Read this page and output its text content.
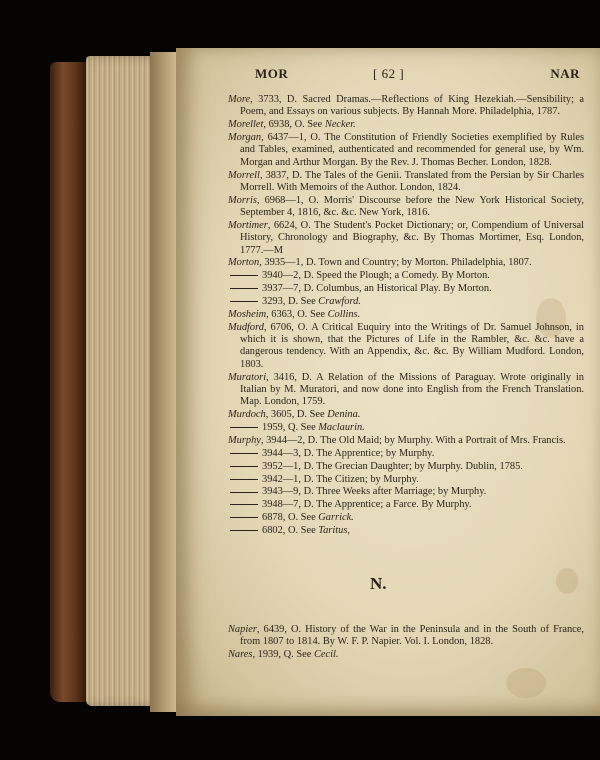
MOR	[ 62 ]	NAR

More, 3733, D. Sacred Dramas.—Reflections of King Hezekiah.—Sensibility; a Poem, and Essays on various subjects. By Hannah More. Philadelphia, 1787.

Morellet, 6938, O. See Necker.

Morgan, 6437—1, O. The Constitution of Friendly Societies exemplified by Rules and Tables, examined, authenticated and recommended for general use, by Wm. Morgan and Arthur Morgan. By the Rev. J. Thomas Becher. London, 1828.

Morrell, 3837, D. The Tales of the Genii. Translated from the Persian by Sir Charles Morrell. With Memoirs of the Author. London, 1824.

Morris, 6968—1, O. Morris' Discourse before the New York Historical Society, September 4, 1816, &c. &c. New York, 1816.

Mortimer, 6624, O. The Student's Pocket Dictionary; or, Compendium of Universal History, Chronology and Biography, &c. By Thomas Mortimer, Esq. London, 1777.—M

Morton, 3935—1, D. Town and Country; by Morton. Philadelphia, 1807.

3940—2, D. Speed the Plough; a Comedy. By Morton.

3937—7, D. Columbus, an Historical Play. By Morton.

3293, D. See Crawford.

Mosheim, 6363, O. See Collins.

Mudford, 6706, O. A Critical Euquiry into the Writings of Dr. Samuel Johnson, in which it is shown, that the Pictures of Life in the Rambler, &c. &c. have a dangerous tendency. With an Appendix, &c. &c. By William Mudford. London, 1803.

Muratori, 3416, D. A Relation of the Missions of Paraguay. Wrote originally in Italian by M. Muratori, and now done into English from the French Translation. Map. London, 1759.

Murdoch, 3605, D. See Denina.

1959, Q. See Maclaurin.

Murphy, 3944—2, D. The Old Maid; by Murphy. With a Portrait of Mrs. Francis.

3944—3, D. The Apprentice; by Murphy.

3952—1, D. The Grecian Daughter; by Murphy. Dublin, 1785.

3942—1, D. The Citizen; by Murphy.

3943—9, D. Three Weeks after Marriage; by Murphy.

3948—7, D. The Apprentice; a Farce. By Murphy.

6878, O. See Garrick.

6802, O. See Taritus,

N.

Napier, 6439, O. History of the War in the Peninsula and in the South of France, from 1807 to 1814. By W. F. P. Napier. Vol. I. London, 1828.

Nares, 1939, Q. See Cecil.
